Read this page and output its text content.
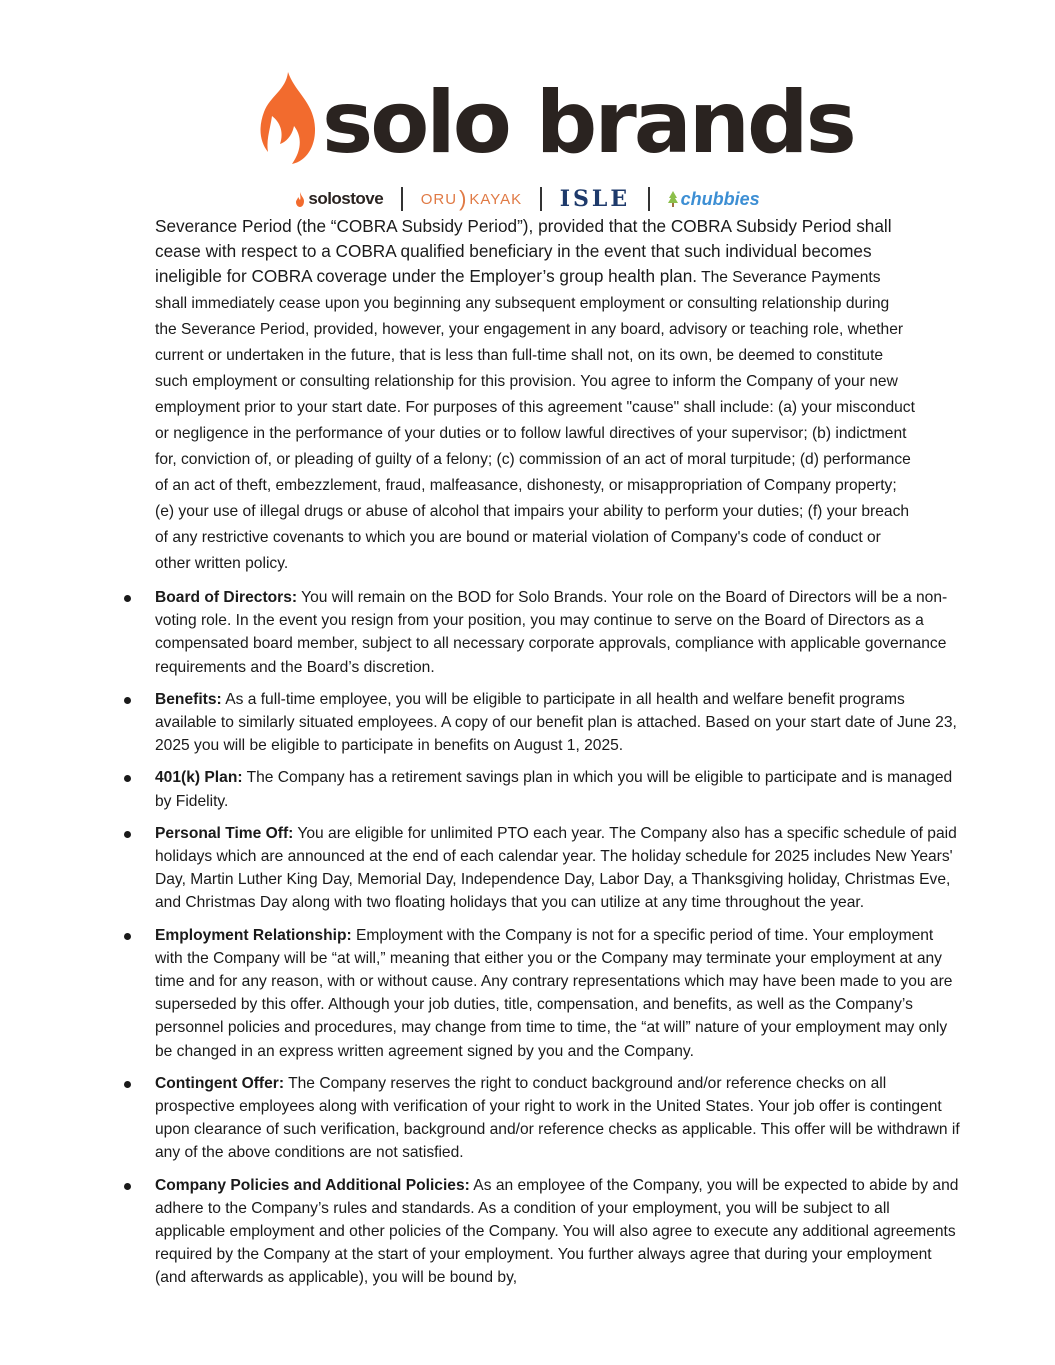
solo brands
solostove	ORU ) KAYAK ISLE	chubbies

Severance Period (the “COBRA Subsidy Period”), provided that the COBRA Subsidy Period shall cease with respect to a COBRA qualified beneficiary in the event that such individual becomes ineligible for COBRA coverage under the Employer’s group health plan. The Severance Payments shall immediately cease upon you beginning any subsequent employment or consulting relationship during the Severance Period, provided, however, your engagement in any board, advisory or teaching role, whether current or undertaken in the future, that is less than full-time shall not, on its own, be deemed to constitute such employment or consulting relationship for this provision. You agree to inform the Company of your new employment prior to your start date. For purposes of this agreement "cause" shall include: (a) your misconduct or negligence in the performance of your duties or to follow lawful directives of your supervisor; (b) indictment for, conviction of, or pleading of guilty of a felony; (c) commission of an act of moral turpitude; (d) performance of an act of theft, embezzlement, fraud, malfeasance, dishonesty, or misappropriation of Company property; (e) your use of illegal drugs or abuse of alcohol that impairs your ability to perform your duties; (f) your breach of any restrictive covenants to which you are bound or material violation of Company's code of conduct or other written policy.

Board of Directors: You will remain on the BOD for Solo Brands. Your role on the Board of Directors will be a non-voting role. In the event you resign from your position, you may continue to serve on the Board of Directors as a compensated board member, subject to all necessary corporate approvals, compliance with applicable governance requirements and the Board’s discretion.
Benefits: As a full-time employee, you will be eligible to participate in all health and welfare benefit programs available to similarly situated employees. A copy of our benefit plan is attached. Based on your start date of June 23, 2025 you will be eligible to participate in benefits on August 1, 2025.
401(k) Plan: The Company has a retirement savings plan in which you will be eligible to participate and is managed by Fidelity.
Personal Time Off: You are eligible for unlimited PTO each year. The Company also has a specific schedule of paid holidays which are announced at the end of each calendar year. The holiday schedule for 2025 includes New Years' Day, Martin Luther King Day, Memorial Day, Independence Day, Labor Day, a Thanksgiving holiday, Christmas Eve, and Christmas Day along with two floating holidays that you can utilize at any time throughout the year.
Employment Relationship: Employment with the Company is not for a specific period of time. Your employment with the Company will be “at will,” meaning that either you or the Company may terminate your employment at any time and for any reason, with or without cause. Any contrary representations which may have been made to you are superseded by this offer. Although your job duties, title, compensation, and benefits, as well as the Company’s personnel policies and procedures, may change from time to time, the “at will” nature of your employment may only be changed in an express written agreement signed by you and the Company.
Contingent Offer: The Company reserves the right to conduct background and/or reference checks on all prospective employees along with verification of your right to work in the United States. Your job offer is contingent upon clearance of such verification, background and/or reference checks as applicable. This offer will be withdrawn if any of the above conditions are not satisfied.
Company Policies and Additional Policies: As an employee of the Company, you will be expected to abide by and adhere to the Company’s rules and standards. As a condition of your employment, you will be subject to all applicable employment and other policies of the Company. You will also agree to execute any additional agreements required by the Company at the start of your employment. You further always agree that during your employment (and afterwards as applicable), you will be bound by,
